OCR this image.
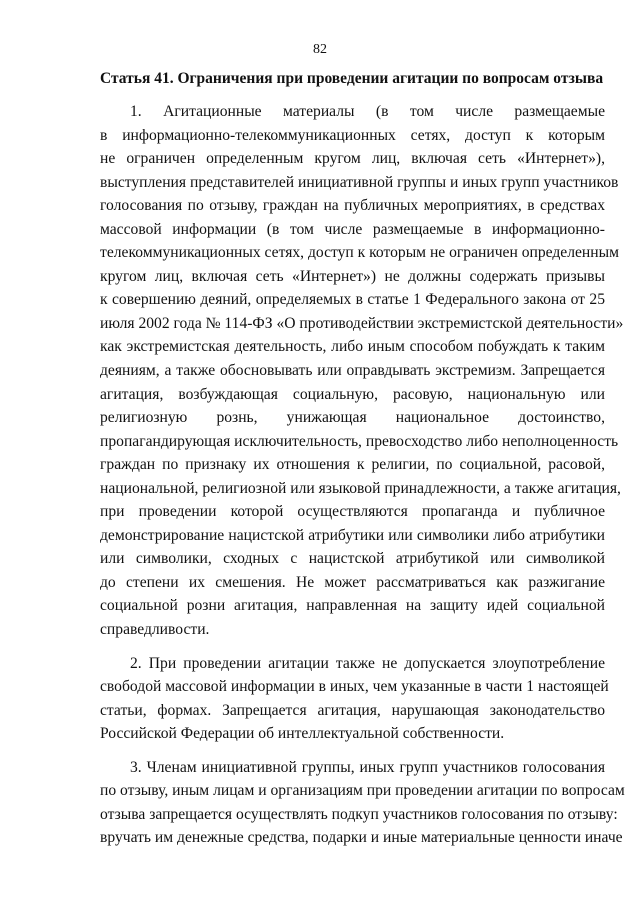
82
Статья 41. Ограничения при проведении агитации по вопросам отзыва
1. Агитационные материалы (в том числе размещаемые
в информационно-телекоммуникационных сетях, доступ к которым
не ограничен определенным кругом лиц, включая сеть «Интернет»),
выступления представителей инициативной группы и иных групп участников
голосования по отзыву, граждан на публичных мероприятиях, в средствах
массовой информации (в том числе размещаемые в информационно-
телекоммуникационных сетях, доступ к которым не ограничен определенным
кругом лиц, включая сеть «Интернет») не должны содержать призывы
к совершению деяний, определяемых в статье 1 Федерального закона от 25
июля 2002 года № 114-ФЗ «О противодействии экстремистской деятельности»
как экстремистская деятельность, либо иным способом побуждать к таким
деяниям, а также обосновывать или оправдывать экстремизм. Запрещается
агитация, возбуждающая социальную, расовую, национальную или
религиозную рознь, унижающая национальное достоинство,
пропагандирующая исключительность, превосходство либо неполноценность
граждан по признаку их отношения к религии, по социальной, расовой,
национальной, религиозной или языковой принадлежности, а также агитация,
при проведении которой осуществляются пропаганда и публичное
демонстрирование нацистской атрибутики или символики либо атрибутики
или символики, сходных с нацистской атрибутикой или символикой
до степени их смешения. Не может рассматриваться как разжигание
социальной розни агитация, направленная на защиту идей социальной
справедливости.
2. При проведении агитации также не допускается злоупотребление
свободой массовой информации в иных, чем указанные в части 1 настоящей
статьи, формах. Запрещается агитация, нарушающая законодательство
Российской Федерации об интеллектуальной собственности.
3. Членам инициативной группы, иных групп участников голосования
по отзыву, иным лицам и организациям при проведении агитации по вопросам
отзыва запрещается осуществлять подкуп участников голосования по отзыву:
вручать им денежные средства, подарки и иные материальные ценности иначе
